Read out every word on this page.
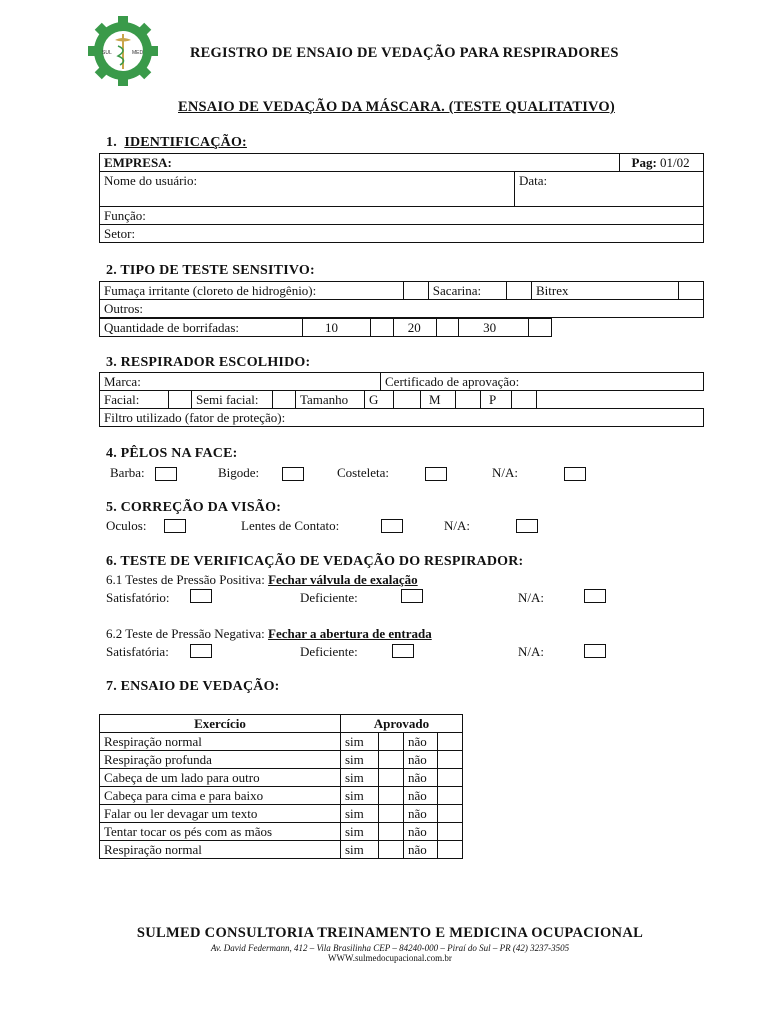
SUL	MED	REGISTRO DE ENSAIO DE VEDAÇÃO PARA RESPIRADORES
ENSAIO DE VEDAÇÃO DA MÁSCARA. (TESTE QUALITATIVO)
1. IDENTIFICAÇÃO:
EMPRESA:		Pag: 01/02
Nome do usuário:	Data:	
Função:		
Setor:		
2. TIPO DE TESTE SENSITIVO:
Fumaça irritante (cloreto de hidrogênio):		Sacarina:		Bitrex	
Outros:
Quantidade de borrifadas:	10		20		30	
3. RESPIRADOR ESCOLHIDO:
Marca:	Certificado de aprovação:
Facial:		Semi facial:		Tamanho	G		M		P		
Filtro utilizado (fator de proteção):
4. PÊLOS NA FACE:
Barba:	Bigode:	Costeleta:	N/A:
5. CORREÇÃO DA VISÃO:
Oculos:	Lentes de Contato:	N/A:
6. TESTE DE VERIFICAÇÃO DE VEDAÇÃO DO RESPIRADOR:
6.1 Testes de Pressão Positiva: Fechar válvula de exalação
Satisfatório:	Deficiente:	N/A:
6.2 Teste de Pressão Negativa: Fechar a abertura de entrada
Satisfatória:	Deficiente:	N/A:
7. ENSAIO DE VEDAÇÃO:
Exercício	Aprovado			
Respiração normal	sim		não	
Respiração profunda	sim		não	
Cabeça de um lado para outro	sim		não	
Cabeça para cima e para baixo	sim		não	
Falar ou ler devagar um texto	sim		não	
Tentar tocar os pés com as mãos	sim		não	
Respiração normal	sim		não	
SULMED CONSULTORIA TREINAMENTO E MEDICINA OCUPACIONAL
Av. David Federmann, 412 – Vila Brasilinha CEP – 84240-000 – Piraí do Sul – PR (42) 3237-3505
WWW.sulmedocupacional.com.br
